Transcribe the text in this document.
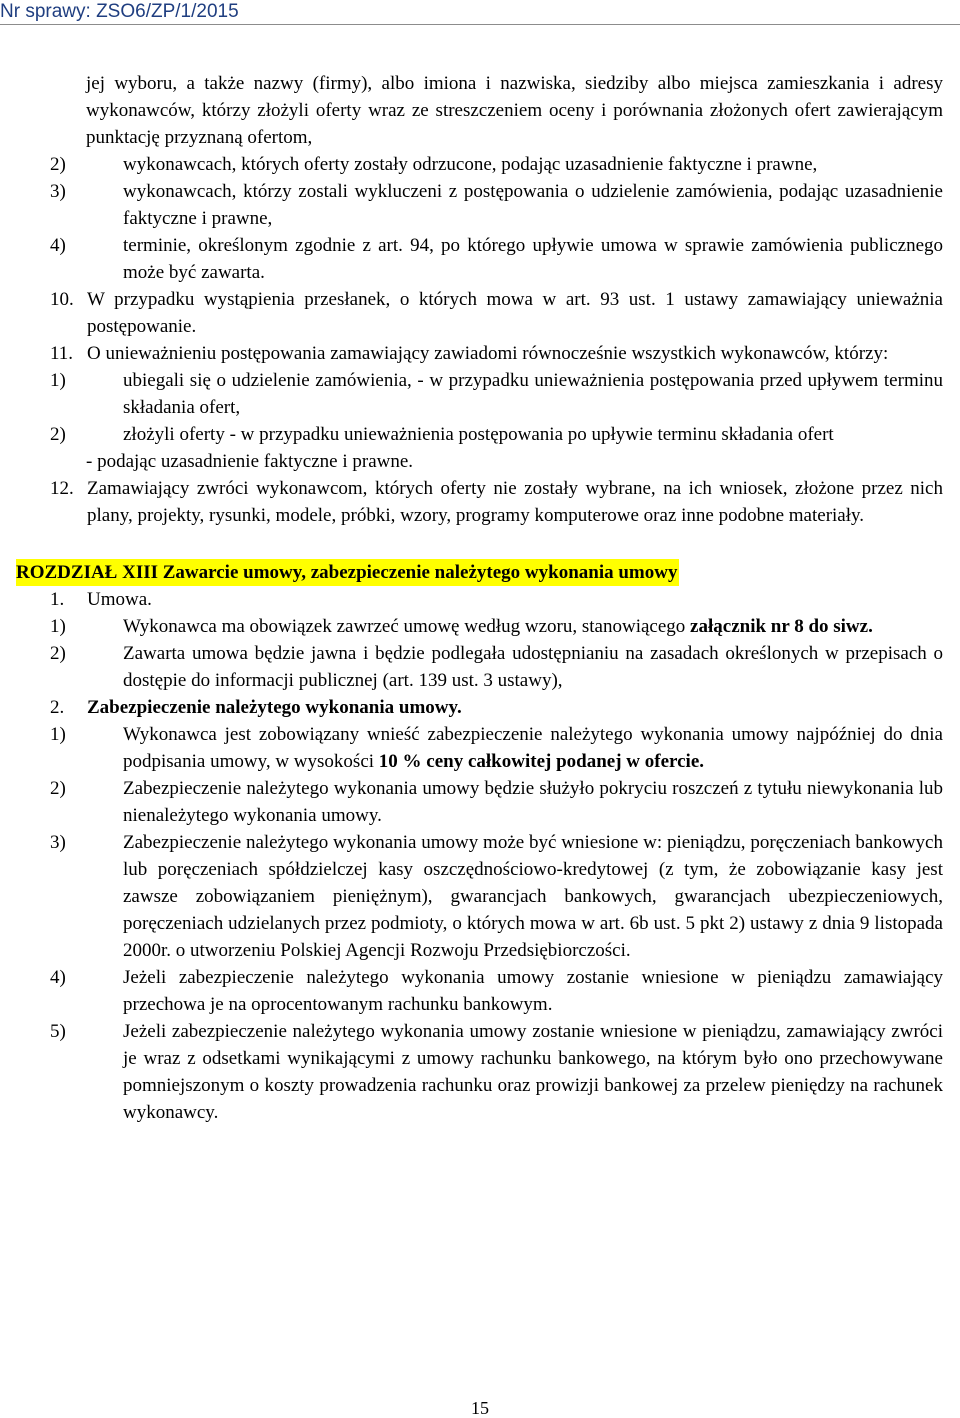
Nr sprawy: ZSO6/ZP/1/2015
jej wyboru, a także nazwy (firmy), albo imiona i nazwiska, siedziby albo miejsca zamieszkania i adresy wykonawców, którzy złożyli oferty wraz ze streszczeniem oceny i porównania złożonych ofert zawierającym punktację przyznaną ofertom,
2)	wykonawcach, których oferty zostały odrzucone, podając uzasadnienie faktyczne i prawne,
3)	wykonawcach, którzy zostali wykluczeni z postępowania o udzielenie zamówienia, podając uzasadnienie faktyczne i prawne,
4)	terminie, określonym zgodnie z art. 94, po którego upływie umowa w sprawie zamówienia publicznego może być zawarta.
10. W przypadku wystąpienia przesłanek, o których mowa w art. 93 ust. 1 ustawy zamawiający unieważnia postępowanie.
11. O unieważnieniu postępowania zamawiający zawiadomi równocześnie wszystkich wykonawców, którzy:
1)	ubiegali się o udzielenie zamówienia, - w przypadku unieważnienia postępowania przed upływem terminu składania ofert,
2)	złożyli oferty - w przypadku unieważnienia postępowania po upływie terminu składania ofert
- podając uzasadnienie faktyczne i prawne.
12. Zamawiający zwróci wykonawcom, których oferty nie zostały wybrane, na ich wniosek, złożone przez nich plany, projekty, rysunki, modele, próbki, wzory, programy komputerowe oraz inne podobne materiały.
ROZDZIAŁ XIII Zawarcie umowy, zabezpieczenie należytego wykonania umowy
1.	Umowa.
1)	Wykonawca ma obowiązek zawrzeć umowę według wzoru, stanowiącego załącznik nr 8 do siwz.
2)	Zawarta umowa będzie jawna i będzie podlegała udostępnianiu na zasadach określonych w przepisach o dostępie do informacji publicznej (art. 139 ust. 3 ustawy),
2.	Zabezpieczenie należytego wykonania umowy.
1)	Wykonawca jest zobowiązany wnieść zabezpieczenie należytego wykonania umowy najpóźniej do dnia podpisania umowy, w wysokości 10 % ceny całkowitej podanej w ofercie.
2)	Zabezpieczenie należytego wykonania umowy będzie służyło pokryciu roszczeń z tytułu niewykonania lub nienależytego wykonania umowy.
3)	Zabezpieczenie należytego wykonania umowy może być wniesione w: pieniądzu, poręczeniach bankowych lub poręczeniach spółdzielczej kasy oszczędnościowo-kredytowej (z tym, że zobowiązanie kasy jest zawsze zobowiązaniem pieniężnym), gwarancjach bankowych, gwarancjach ubezpieczeniowych, poręczeniach udzielanych przez podmioty, o których mowa w art. 6b ust. 5 pkt 2) ustawy z dnia 9 listopada 2000r. o utworzeniu Polskiej Agencji Rozwoju Przedsiębiorczości.
4)	Jeżeli zabezpieczenie należytego wykonania umowy zostanie wniesione w pieniądzu zamawiający przechowa je na oprocentowanym rachunku bankowym.
5)	Jeżeli zabezpieczenie należytego wykonania umowy zostanie wniesione w pieniądzu, zamawiający zwróci je wraz z odsetkami wynikającymi z umowy rachunku bankowego, na którym było ono przechowywane pomniejszonym o koszty prowadzenia rachunku oraz prowizji bankowej za przelew pieniędzy na rachunek wykonawcy.
15
